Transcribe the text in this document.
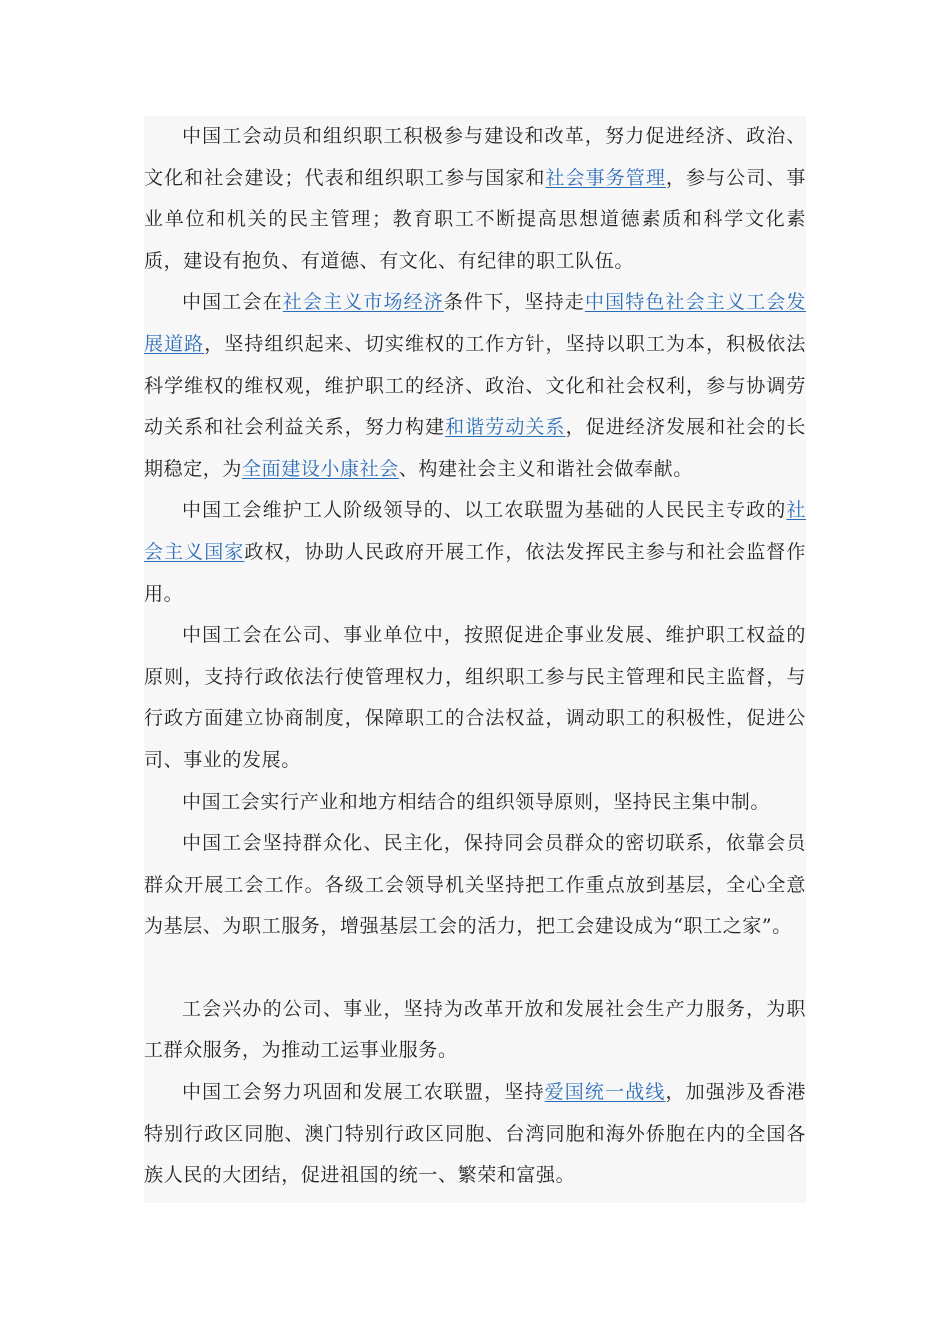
中国工会动员和组织职工积极参与建设和改革，努力促进经济、政治、文化和社会建设；代表和组织职工参与国家和社会事务管理，参与公司、事业单位和机关的民主管理；教育职工不断提高思想道德素质和科学文化素质，建设有抱负、有道德、有文化、有纪律的职工队伍。

中国工会在社会主义市场经济条件下，坚持走中国特色社会主义工会发展道路，坚持组织起来、切实维权的工作方针，坚持以职工为本，积极依法科学维权的维权观，维护职工的经济、政治、文化和社会权利，参与协调劳动关系和社会利益关系，努力构建和谐劳动关系，促进经济发展和社会的长期稳定，为全面建设小康社会、构建社会主义和谐社会做奉献。

中国工会维护工人阶级领导的、以工农联盟为基础的人民民主专政的社会主义国家政权，协助人民政府开展工作，依法发挥民主参与和社会监督作用。

中国工会在公司、事业单位中，按照促进企事业发展、维护职工权益的原则，支持行政依法行使管理权力，组织职工参与民主管理和民主监督，与行政方面建立协商制度，保障职工的合法权益，调动职工的积极性，促进公司、事业的发展。

中国工会实行产业和地方相结合的组织领导原则，坚持民主集中制。

中国工会坚持群众化、民主化，保持同会员群众的密切联系，依靠会员群众开展工会工作。各级工会领导机关坚持把工作重点放到基层，全心全意为基层、为职工服务，增强基层工会的活力，把工会建设成为“职工之家”。

工会兴办的公司、事业，坚持为改革开放和发展社会生产力服务，为职工群众服务，为推动工运事业服务。

中国工会努力巩固和发展工农联盟，坚持爱国统一战线，加强涉及香港特别行政区同胞、澳门特别行政区同胞、台湾同胞和海外侨胞在内的全国各族人民的大团结，促进祖国的统一、繁荣和富强。
